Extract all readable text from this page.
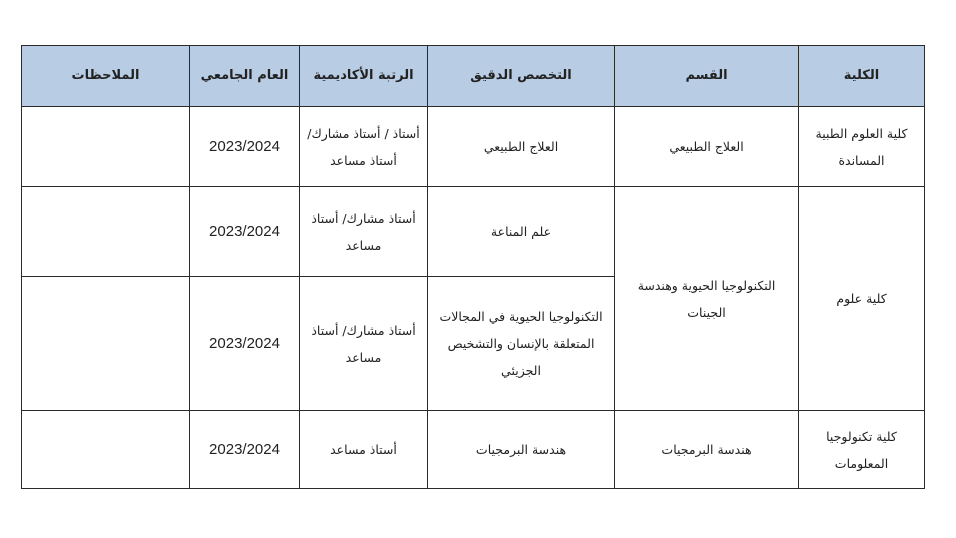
الكلية	القسم	التخصص الدقيق	الرتبة الأكاديمية	العام الجامعي	الملاحظات
كلية العلوم الطبية المساندة	العلاج الطبيعي	العلاج الطبيعي	أستاذ / أستاذ مشارك/ أستاذ مساعد	2023/2024	
كلية علوم	التكنولوجيا الحيوية وهندسة الجينات	علم المناعة	أستاذ مشارك/ أستاذ مساعد	2023/2024	
		التكنولوجيا الحيوية في المجالات المتعلقة بالإنسان والتشخيص الجزيئي	أستاذ مشارك/ أستاذ مساعد	2023/2024	
كلية تكنولوجيا المعلومات	هندسة البرمجيات	هندسة البرمجيات	أستاذ مساعد	2023/2024	
